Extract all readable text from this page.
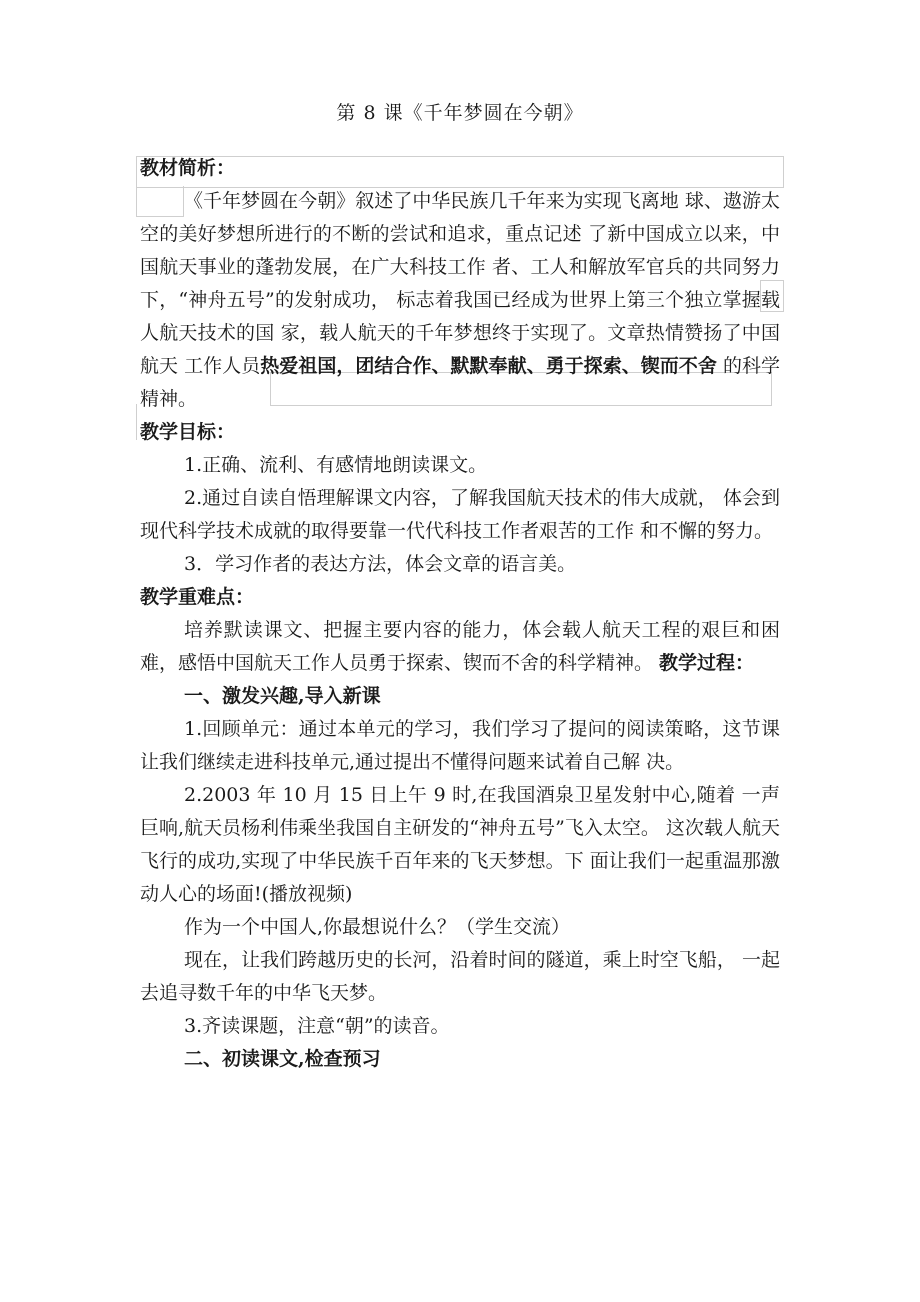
第 8 课《千年梦圆在今朝》

教材简析：

《千年梦圆在今朝》叙述了中华民族几千年来为实现飞离地 球、遨游太空的美好梦想所进行的不断的尝试和追求，重点记述 了新中国成立以来，中国航天事业的蓬勃发展，在广大科技工作 者、工人和解放军官兵的共同努力下，“神舟五号”的发射成功， 标志着我国已经成为世界上第三个独立掌握载人航天技术的国 家，载人航天的千年梦想终于实现了。文章热情赞扬了中国航天 工作人员热爱祖国，团结合作、默默奉献、勇于探索、锲而不舍 的科学精神。

教学目标：

1.正确、流利、有感情地朗读课文。

2.通过自读自悟理解课文内容，了解我国航天技术的伟大成就， 体会到现代科学技术成就的取得要靠一代代科技工作者艰苦的工作 和不懈的努力。

3．学习作者的表达方法，体会文章的语言美。

教学重难点：

培养默读课文、把握主要内容的能力，体会载人航天工程的艰巨和困难，感悟中国航天工作人员勇于探索、锲而不舍的科学精神。 教学过程：

一、激发兴趣,导入新课

1.回顾单元：通过本单元的学习，我们学习了提问的阅读策略，这节课让我们继续走进科技单元,通过提出不懂得问题来试着自己解 决。

2.2003 年 10 月 15 日上午 9 时,在我国酒泉卫星发射中心,随着 一声巨响,航天员杨利伟乘坐我国自主研发的“神舟五号”飞入太空。 这次载人航天飞行的成功,实现了中华民族千百年来的飞天梦想。下 面让我们一起重温那激动人心的场面!(播放视频)

作为一个中国人,你最想说什么？（学生交流）

现在，让我们跨越历史的长河，沿着时间的隧道，乘上时空飞船， 一起去追寻数千年的中华飞天梦。

3.齐读课题，注意“朝”的读音。

二、初读课文,检查预习
